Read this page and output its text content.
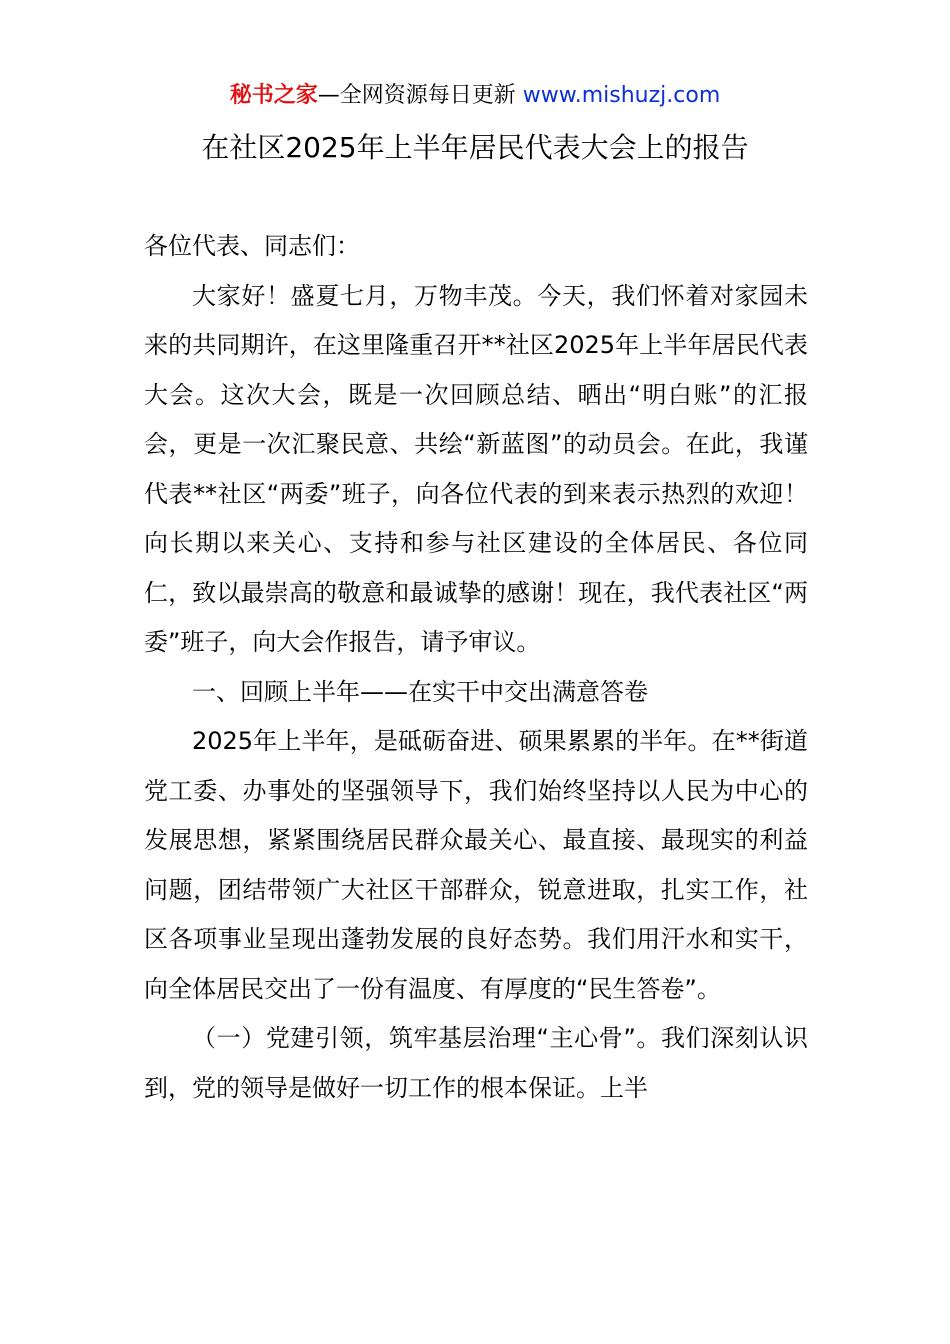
秘书之家—全网资源每日更新 www.mishuzj.com
在社区2025年上半年居民代表大会上的报告

各位代表、同志们：

大家好！盛夏七月，万物丰茂。今天，我们怀着对家园未来的共同期许，在这里隆重召开**社区2025年上半年居民代表大会。这次大会，既是一次回顾总结、晒出“明白账”的汇报会，更是一次汇聚民意、共绘“新蓝图”的动员会。在此，我谨代表**社区“两委”班子，向各位代表的到来表示热烈的欢迎！向长期以来关心、支持和参与社区建设的全体居民、各位同仁，致以最崇高的敬意和最诚挚的感谢！现在，我代表社区“两委”班子，向大会作报告，请予审议。

一、回顾上半年——在实干中交出满意答卷

2025年上半年，是砥砺奋进、硕果累累的半年。在**街道党工委、办事处的坚强领导下，我们始终坚持以人民为中心的发展思想，紧紧围绕居民群众最关心、最直接、最现实的利益问题，团结带领广大社区干部群众，锐意进取，扎实工作，社区各项事业呈现出蓬勃发展的良好态势。我们用汗水和实干，向全体居民交出了一份有温度、有厚度的“民生答卷”。

（一）党建引领，筑牢基层治理“主心骨”。我们深刻认识到，党的领导是做好一切工作的根本保证。上半
